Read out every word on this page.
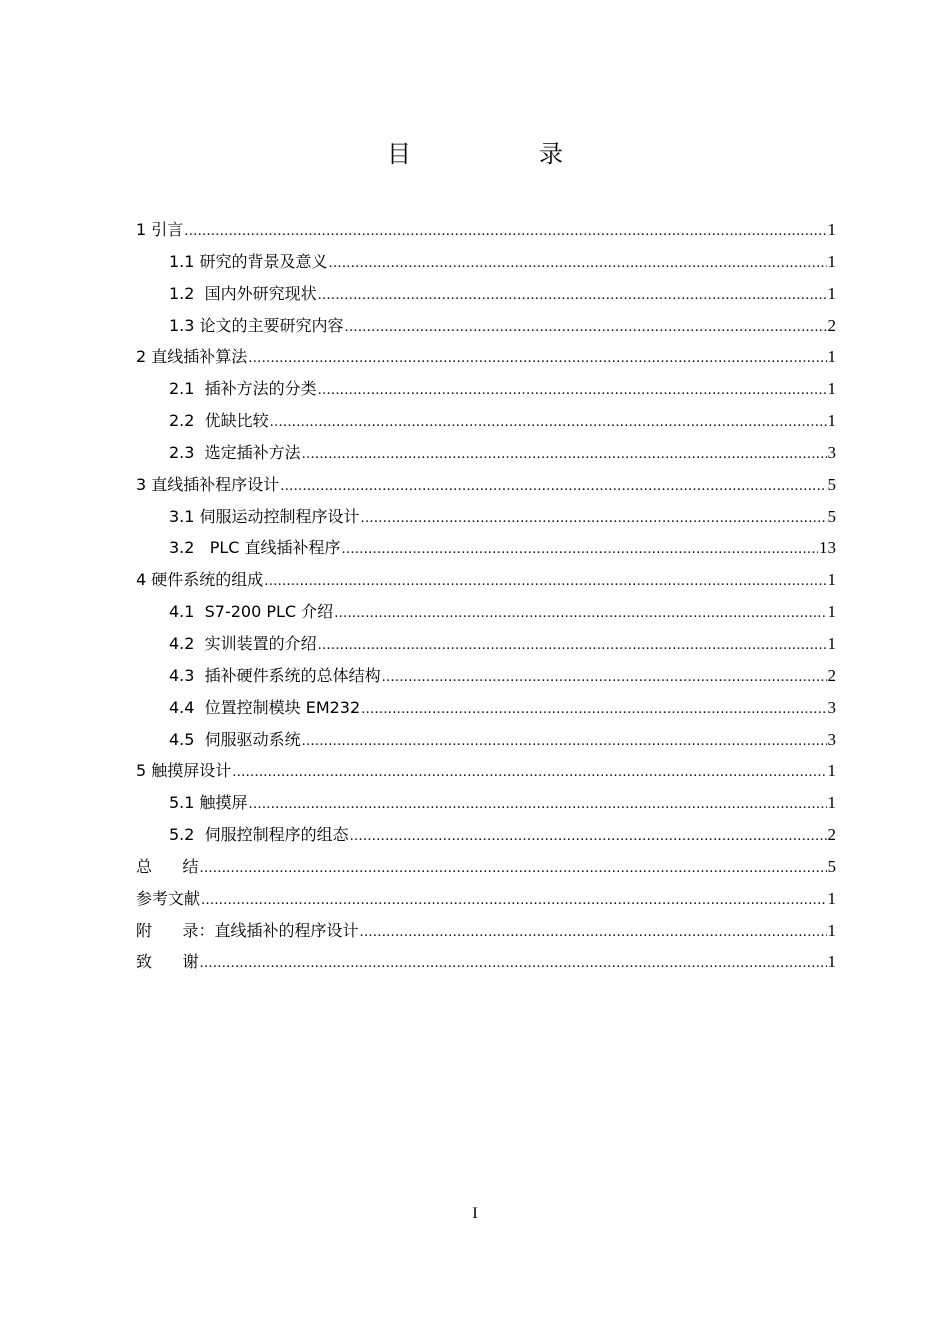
目　录
1 引言 .....	1
1.1 研究的背景及意义 .....	1
1.2  国内外研究现状 .....	1
1.3 论文的主要研究内容 .....	2
2 直线插补算法 .....	1
2.1  插补方法的分类 .....	1
2.2  优缺比较 .....	1
2.3  选定插补方法 .....	3
3 直线插补程序设计 .....	5
3.1 伺服运动控制程序设计 .....	5
3.2   PLC 直线插补程序 .....	13
4 硬件系统的组成 .....	1
4.1  S7-200 PLC 介绍 .....	1
4.2  实训装置的介绍 .....	1
4.3  插补硬件系统的总体结构 .....	2
4.4  位置控制模块 EM232 .....	3
4.5  伺服驱动系统 .....	3
5 触摸屏设计 .....	1
5.1 触摸屏 .....	1
5.2  伺服控制程序的组态 .....	2
总      结 .....	5
参考文献 .....	1
附      录：直线插补的程序设计 .....	1
致      谢 .....	1
I
